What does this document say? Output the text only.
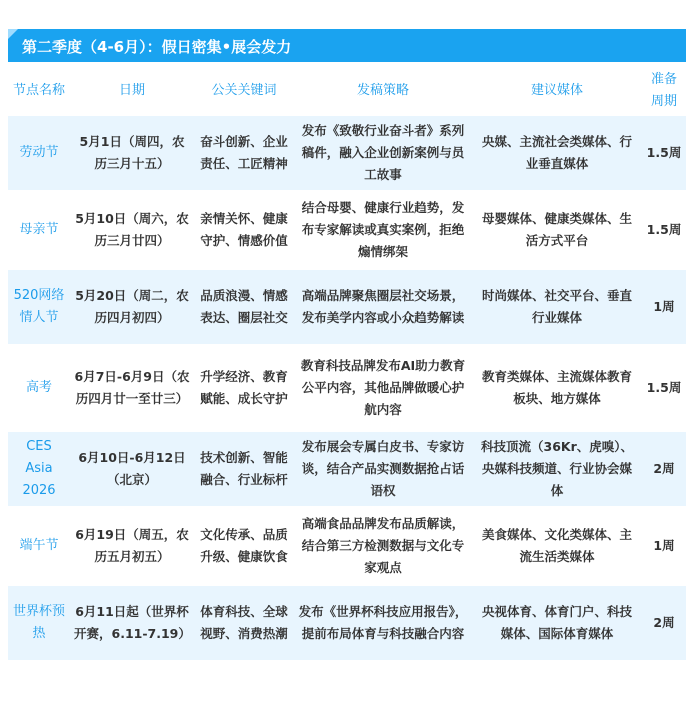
第二季度（4-6月）：假日密集•展会发力
节点名称	日期	公关关键词	发稿策略	建议媒体	准备周期
劳动节	5月1日（周四，农历三月十五）	奋斗创新、企业责任、工匠精神	发布《致敬行业奋斗者》系列稿件，融入企业创新案例与员工故事	央媒、主流社会类媒体、行业垂直媒体	1.5周

母亲节	5月10日（周六，农历三月廿四）	亲情关怀、健康守护、情感价值	结合母婴、健康行业趋势，发布专家解读或真实案例，拒绝煽情绑架	母婴媒体、健康类媒体、生活方式平台	1.5周

520网络情人节	5月20日（周二，农历四月初四）	品质浪漫、情感表达、圈层社交	高端品牌聚焦圈层社交场景，发布美学内容或小众趋势解读	时尚媒体、社交平台、垂直行业媒体	1周

高考	6月7日-6月9日（农历四月廿一至廿三）	升学经济、教育赋能、成长守护	教育科技品牌发布AI助力教育公平内容，其他品牌做暖心护航内容	教育类媒体、主流媒体教育板块、地方媒体	1.5周

CES Asia 2026	6月10日-6月12日（北京）	技术创新、智能融合、行业标杆	发布展会专属白皮书、专家访谈，结合产品实测数据抢占话语权	科技顶流（36Kr、虎嗅）、央媒科技频道、行业协会媒体	2周

端午节	6月19日（周五，农历五月初五）	文化传承、品质升级、健康饮食	高端食品品牌发布品质解读，结合第三方检测数据与文化专家观点	美食媒体、文化类媒体、主流生活类媒体	1周

世界杯预热	6月11日起（世界杯开赛，6.11-7.19）	体育科技、全球视野、消费热潮	发布《世界杯科技应用报告》，提前布局体育与科技融合内容	央视体育、体育门户、科技媒体、国际体育媒体	2周
